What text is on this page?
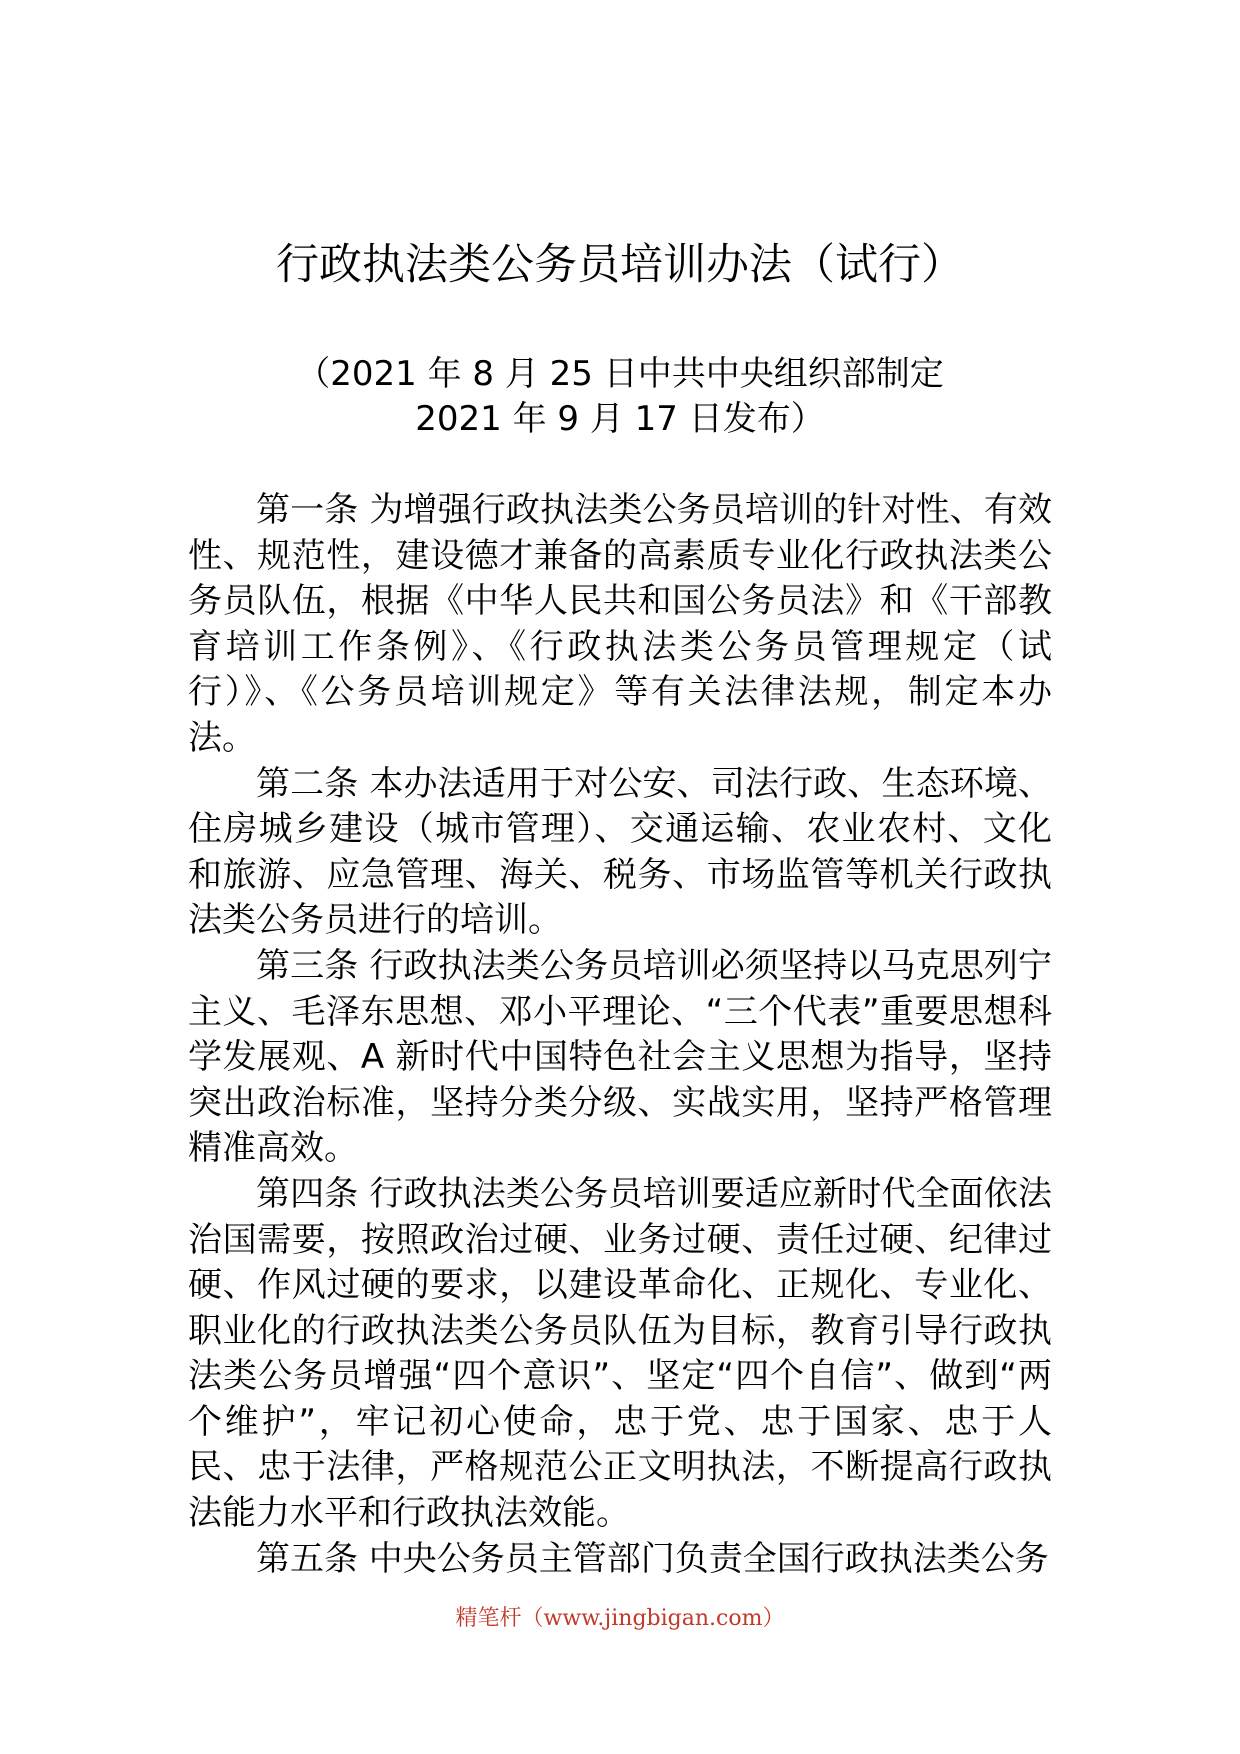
行政执法类公务员培训办法（试行）
（2021 年 8 月 25 日中共中央组织部制定
2021 年 9 月 17 日发布）

第一条 为增强行政执法类公务员培训的针对性、有效性、规范性，建设德才兼备的高素质专业化行政执法类公务员队伍，根据《中华人民共和国公务员法》和《干部教育培训工作条例》、《行政执法类公务员管理规定（试行）》、《公务员培训规定》等有关法律法规，制定本办法。

第二条 本办法适用于对公安、司法行政、生态环境、住房城乡建设（城市管理）、交通运输、农业农村、文化和旅游、应急管理、海关、税务、市场监管等机关行政执法类公务员进行的培训。

第三条 行政执法类公务员培训必须坚持以马克思列宁主义、毛泽东思想、邓小平理论、“三个代表”重要思想科学发展观、A 新时代中国特色社会主义思想为指导，坚持突出政治标准，坚持分类分级、实战实用，坚持严格管理精准高效。

第四条 行政执法类公务员培训要适应新时代全面依法治国需要，按照政治过硬、业务过硬、责任过硬、纪律过硬、作风过硬的要求，以建设革命化、正规化、专业化、职业化的行政执法类公务员队伍为目标，教育引导行政执法类公务员增强“四个意识”、坚定“四个自信”、做到“两个维护”，牢记初心使命，忠于党、忠于国家、忠于人民、忠于法律，严格规范公正文明执法，不断提高行政执法能力水平和行政执法效能。

第五条 中央公务员主管部门负责全国行政执法类公务

精笔杆（www.jingbigan.com）
